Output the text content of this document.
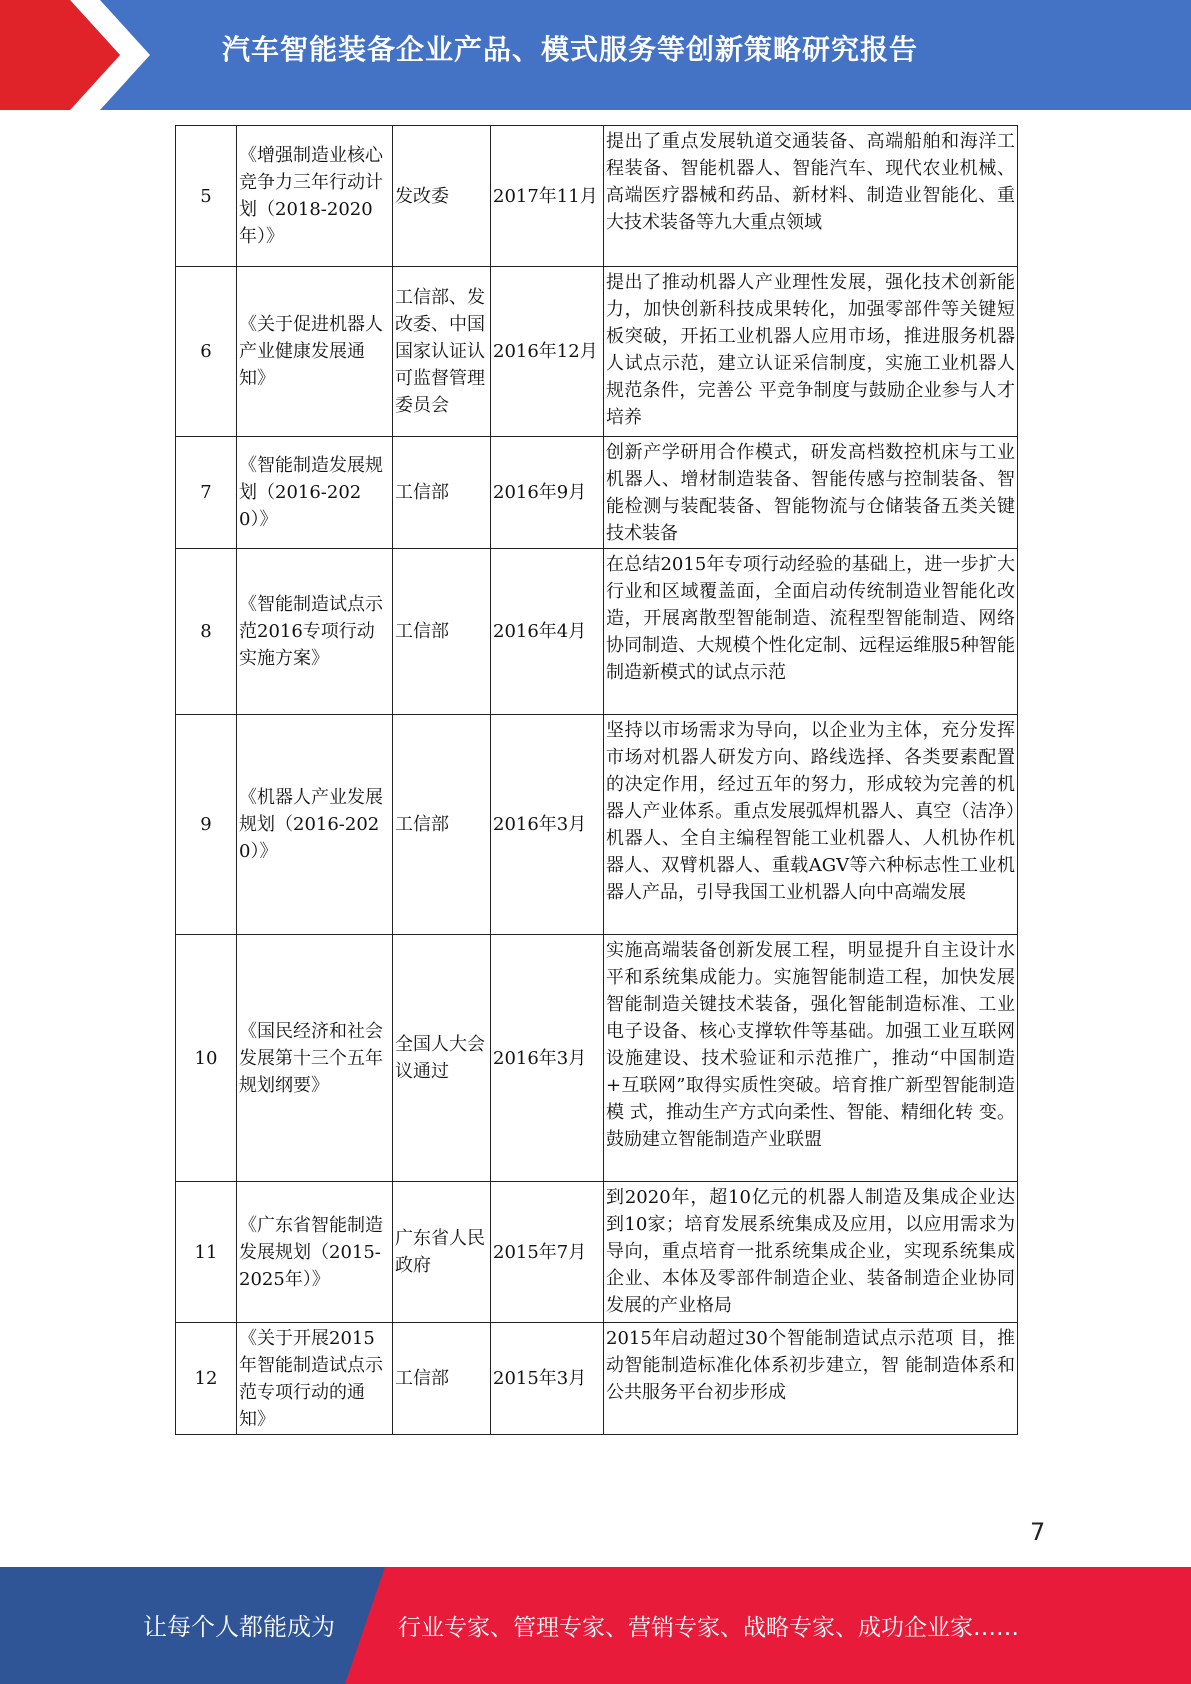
汽车智能装备企业产品、模式服务等创新策略研究报告
5	《增强制造业核心竞争力三年行动计划（2018-2020年）》	发改委	2017年11月	提出了重点发展轨道交通装备、高端船舶和海洋工程装备、智能机器人、智能汽车、现代农业机械、高端医疗器械和药品、新材料、制造业智能化、重大技术装备等九大重点领域
6	《关于促进机器人产业健康发展通知》	工信部、发改委、中国国家认证认可监督管理委员会	2016年12月	提出了推动机器人产业理性发展，强化技术创新能力，加快创新科技成果转化，加强零部件等关键短板突破，开拓工业机器人应用市场，推进服务机器人试点示范，建立认证采信制度，实施工业机器人规范条件，完善公 平竞争制度与鼓励企业参与人才培养
7	《智能制造发展规划（2016-2020）》	工信部	2016年9月	创新产学研用合作模式，研发高档数控机床与工业机器人、增材制造装备、智能传感与控制装备、智能检测与装配装备、智能物流与仓储装备五类关键技术装备
8	《智能制造试点示范2016专项行动实施方案》	工信部	2016年4月	在总结2015年专项行动经验的基础上，进一步扩大行业和区域覆盖面，全面启动传统制造业智能化改造，开展离散型智能制造、流程型智能制造、网络协同制造、大规模个性化定制、远程运维服5种智能制造新模式的试点示范
9	《机器人产业发展规划（2016-2020）》	工信部	2016年3月	坚持以市场需求为导向，以企业为主体，充分发挥市场对机器人研发方向、路线选择、各类要素配置的决定作用，经过五年的努力，形成较为完善的机器人产业体系。重点发展弧焊机器人、真空（洁净）机器人、全自主编程智能工业机器人、人机协作机器人、双臂机器人、重载AGV等六种标志性工业机器人产品，引导我国工业机器人向中高端发展
10	《国民经济和社会发展第十三个五年规划纲要》	全国人大会议通过	2016年3月	实施高端装备创新发展工程，明显提升自主设计水平和系统集成能力。实施智能制造工程，加快发展智能制造关键技术装备，强化智能制造标准、工业电子设备、核心支撑软件等基础。加强工业互联网设施建设、技术验证和示范推广，推动“中国制造+互联网”取得实质性突破。培育推广新型智能制造模 式，推动生产方式向柔性、智能、精细化转 变。鼓励建立智能制造产业联盟
11	《广东省智能制造发展规划（2015-2025年）》	广东省人民政府	2015年7月	到2020年，超10亿元的机器人制造及集成企业达到10家；培育发展系统集成及应用，以应用需求为导向，重点培育一批系统集成企业，实现系统集成企业、本体及零部件制造企业、装备制造企业协同发展的产业格局
12	《关于开展2015年智能制造试点示范专项行动的通知》	工信部	2015年3月	2015年启动超过30个智能制造试点示范项 目，推动智能制造标准化体系初步建立，智 能制造体系和公共服务平台初步形成
7
让每个人都能成为	行业专家、管理专家、营销专家、战略专家、成功企业家……
